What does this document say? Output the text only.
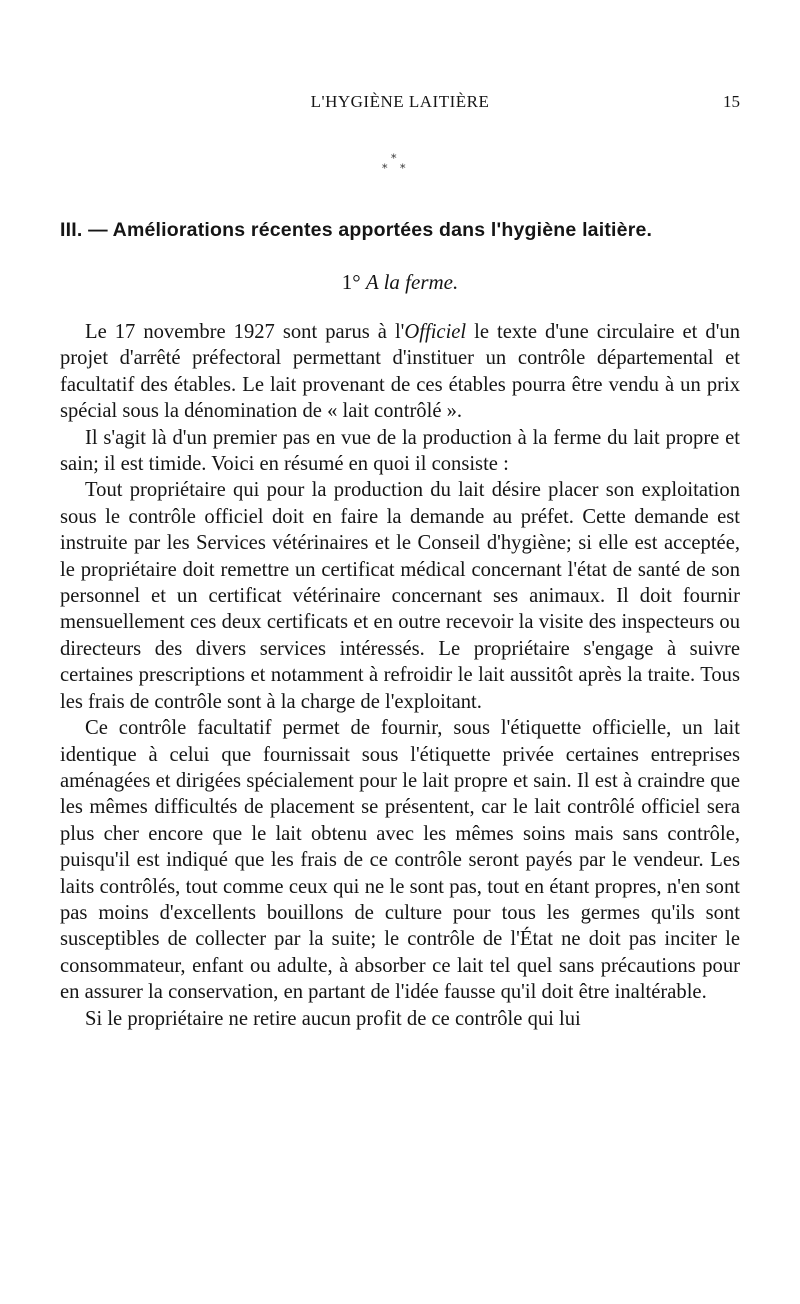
L'HYGIÈNE LAITIÈRE	15
*
* *
III. — Améliorations récentes apportées dans l'hygiène laitière.
1° A la ferme.

Le 17 novembre 1927 sont parus à l'Officiel le texte d'une circulaire et d'un projet d'arrêté préfectoral permettant d'instituer un contrôle départemental et facultatif des étables. Le lait provenant de ces étables pourra être vendu à un prix spécial sous la dénomination de « lait contrôlé ».

Il s'agit là d'un premier pas en vue de la production à la ferme du lait propre et sain; il est timide. Voici en résumé en quoi il consiste :

Tout propriétaire qui pour la production du lait désire placer son exploitation sous le contrôle officiel doit en faire la demande au préfet. Cette demande est instruite par les Services vétérinaires et le Conseil d'hygiène; si elle est acceptée, le propriétaire doit remettre un certificat médical concernant l'état de santé de son personnel et un certificat vétérinaire concernant ses animaux. Il doit fournir mensuellement ces deux certificats et en outre recevoir la visite des inspecteurs ou directeurs des divers services intéressés. Le propriétaire s'engage à suivre certaines prescriptions et notamment à refroidir le lait aussitôt après la traite. Tous les frais de contrôle sont à la charge de l'exploitant.

Ce contrôle facultatif permet de fournir, sous l'étiquette officielle, un lait identique à celui que fournissait sous l'étiquette privée certaines entreprises aménagées et dirigées spécialement pour le lait propre et sain. Il est à craindre que les mêmes difficultés de placement se présentent, car le lait contrôlé officiel sera plus cher encore que le lait obtenu avec les mêmes soins mais sans contrôle, puisqu'il est indiqué que les frais de ce contrôle seront payés par le vendeur. Les laits contrôlés, tout comme ceux qui ne le sont pas, tout en étant propres, n'en sont pas moins d'excellents bouillons de culture pour tous les germes qu'ils sont susceptibles de collecter par la suite; le contrôle de l'État ne doit pas inciter le consommateur, enfant ou adulte, à absorber ce lait tel quel sans précautions pour en assurer la conservation, en partant de l'idée fausse qu'il doit être inaltérable.

Si le propriétaire ne retire aucun profit de ce contrôle qui lui
